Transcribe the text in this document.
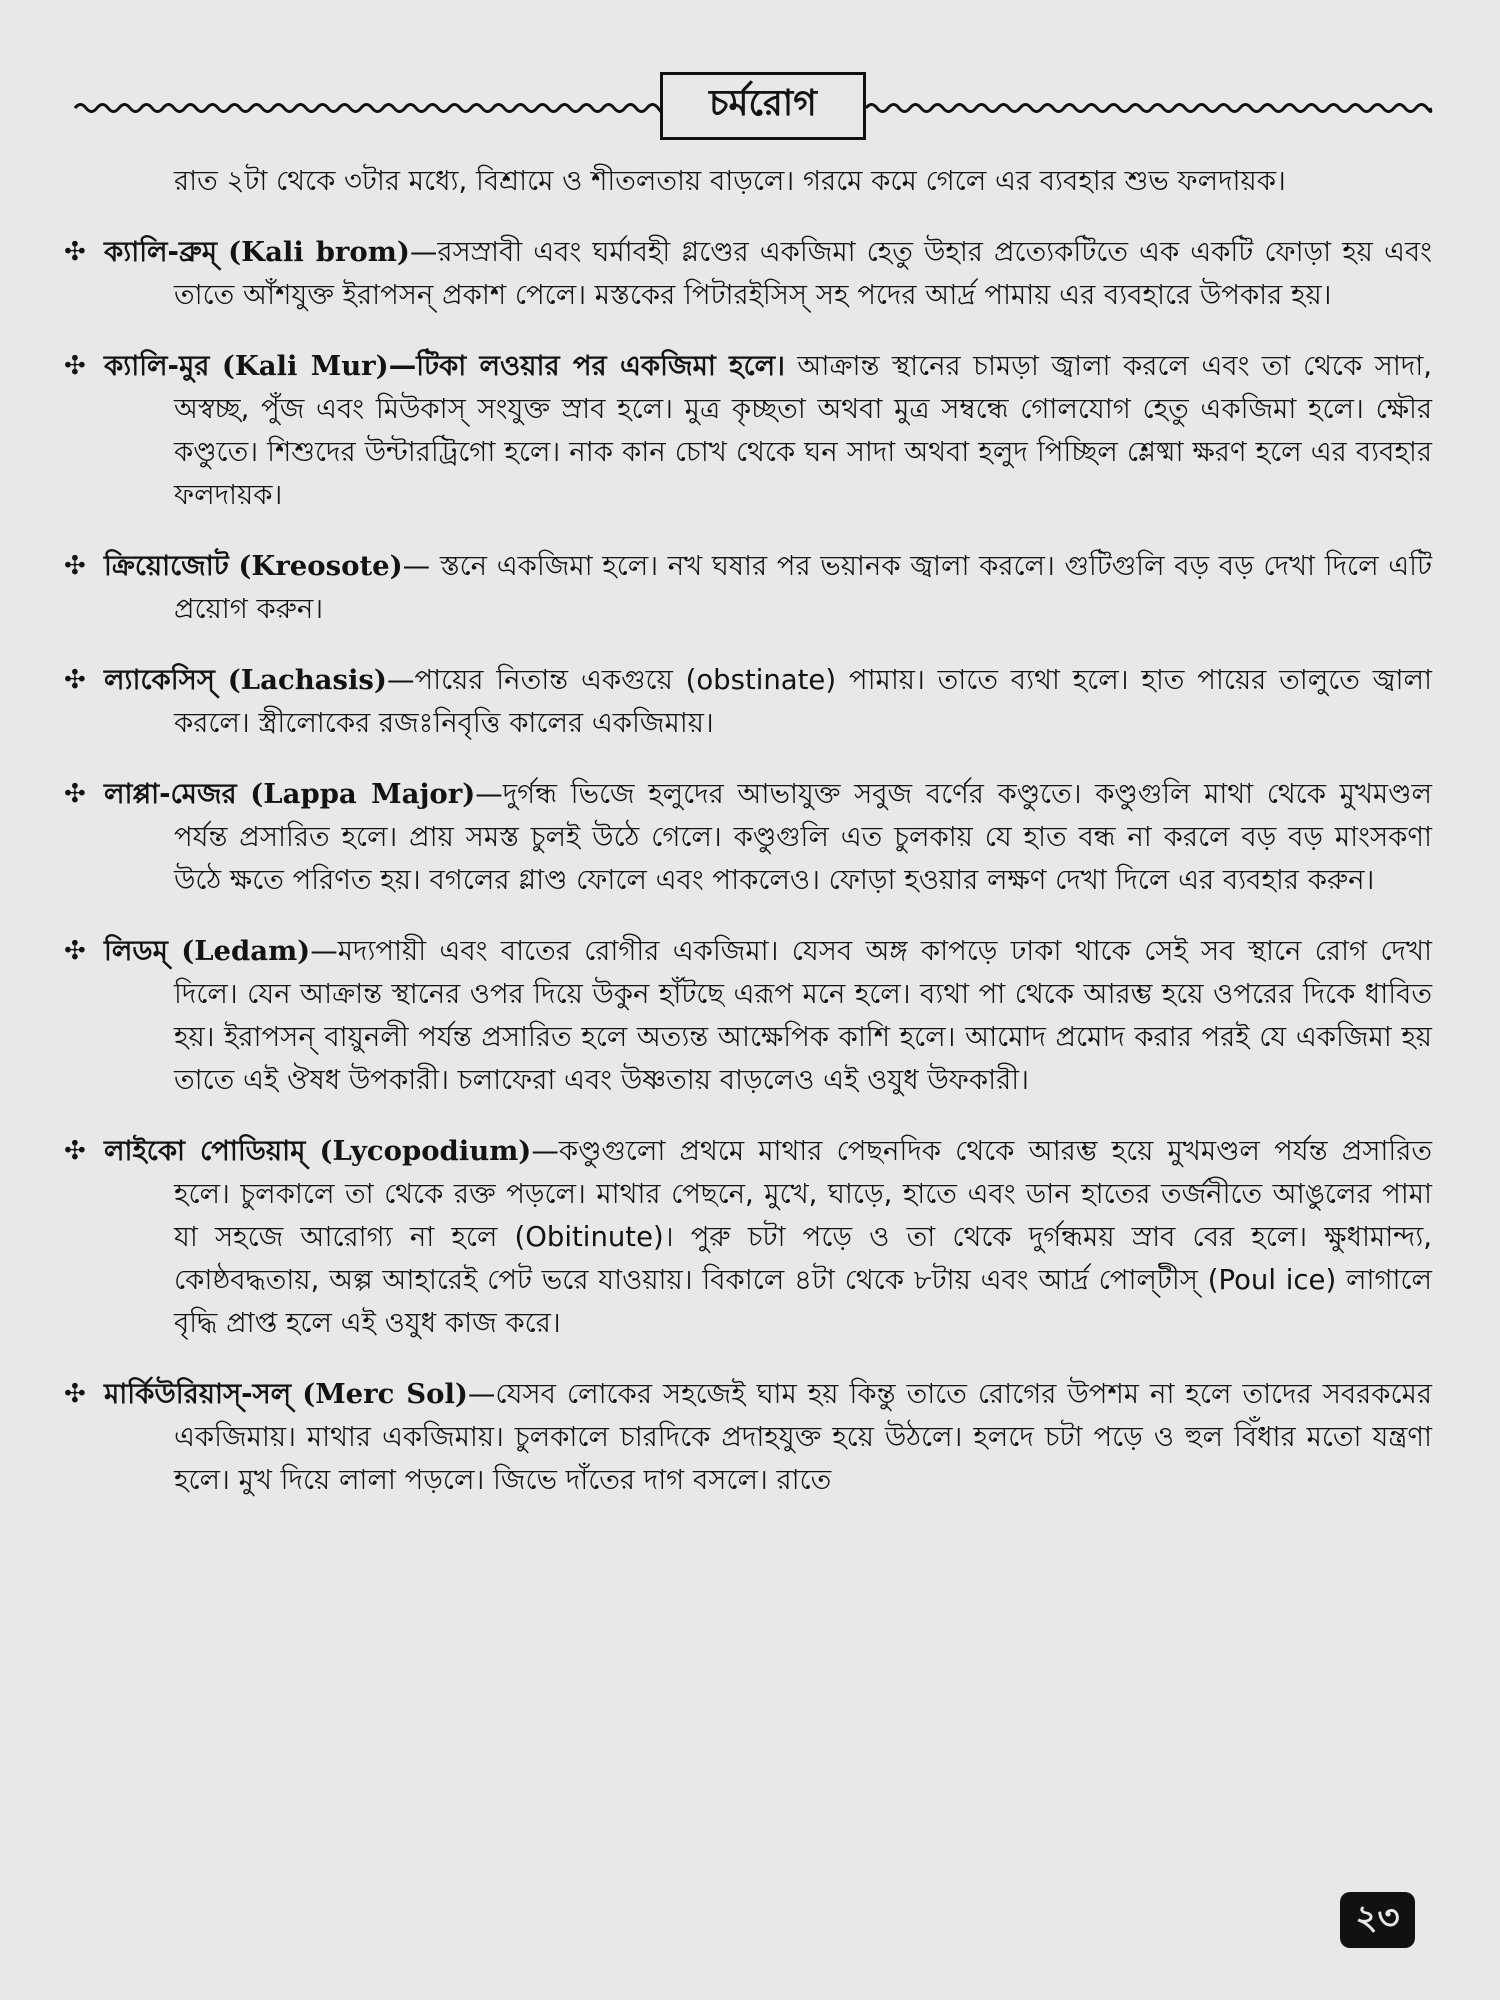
চর্মরোগ
রাত ২টা থেকে ৩টার মধ্যে, বিশ্রামে ও শীতলতায় বাড়লে। গরমে কমে গেলে এর ব্যবহার শুভ ফলদায়ক।
✣ ক্যালি-ব্রুম্ (Kali brom)—রসস্রাবী এবং ঘর্মাবহী গ্লণ্ডের একজিমা হেতু উহার প্রত্যেকটিতে এক একটি ফোড়া হয় এবং তাতে আঁশযুক্ত ইরাপসন্ প্রকাশ পেলে। মস্তকের পিটারইসিস্ সহ পদের আর্দ্র পামায় এর ব্যবহারে উপকার হয়।
✣ ক্যালি-মুর (Kali Mur)—টিকা লওয়ার পর একজিমা হলে। আক্রান্ত স্থানের চামড়া জ্বালা করলে এবং তা থেকে সাদা, অস্বচ্ছ, পুঁজ এবং মিউকাস্ সংযুক্ত স্রাব হলে। মুত্র কৃচ্ছতা অথবা মুত্র সম্বন্ধে গোলযোগ হেতু একজিমা হলে। ক্ষৌর কণ্ডুতে। শিশুদের উন্টারট্রিগো হলে। নাক কান চোখ থেকে ঘন সাদা অথবা হলুদ পিচ্ছিল শ্লেষ্মা ক্ষরণ হলে এর ব্যবহার ফলদায়ক।
✣ ক্রিয়োজোট (Kreosote)— স্তনে একজিমা হলে। নখ ঘষার পর ভয়ানক জ্বালা করলে। গুটিগুলি বড় বড় দেখা দিলে এটি প্রয়োগ করুন।
✣ ল্যাকেসিস্ (Lachasis)—পায়ের নিতান্ত একগুয়ে (obstinate) পামায়। তাতে ব্যথা হলে। হাত পায়ের তালুতে জ্বালা করলে। স্ত্রীলোকের রজঃনিবৃত্তি কালের একজিমায়।
✣ লাপ্পা-মেজর (Lappa Major)—দুর্গন্ধ ভিজে হলুদের আভাযুক্ত সবুজ বর্ণের কণ্ডুতে। কণ্ডুগুলি মাথা থেকে মুখমণ্ডল পর্যন্ত প্রসারিত হলে। প্রায় সমস্ত চুলই উঠে গেলে। কণ্ডুগুলি এত চুলকায় যে হাত বন্ধ না করলে বড় বড় মাংসকণা উঠে ক্ষতে পরিণত হয়। বগলের গ্লাণ্ড ফোলে এবং পাকলেও। ফোড়া হওয়ার লক্ষণ দেখা দিলে এর ব্যবহার করুন।
✣ লিডম্ (Ledam)—মদ্যপায়ী এবং বাতের রোগীর একজিমা। যেসব অঙ্গ কাপড়ে ঢাকা থাকে সেই সব স্থানে রোগ দেখা দিলে। যেন আক্রান্ত স্থানের ওপর দিয়ে উকুন হাঁটছে এরূপ মনে হলে। ব্যথা পা থেকে আরম্ভ হয়ে ওপরের দিকে ধাবিত হয়। ইরাপসন্ বায়ুনলী পর্যন্ত প্রসারিত হলে অত্যন্ত আক্ষেপিক কাশি হলে। আমোদ প্রমোদ করার পরই যে একজিমা হয় তাতে এই ঔষধ উপকারী। চলাফেরা এবং উষ্ণতায় বাড়লেও এই ওযুধ উফকারী।
✣ লাইকো পোডিয়াম্ (Lycopodium)—কণ্ডুগুলো প্রথমে মাথার পেছনদিক থেকে আরম্ভ হয়ে মুখমণ্ডল পর্যন্ত প্রসারিত হলে। চুলকালে তা থেকে রক্ত পড়লে। মাথার পেছনে, মুখে, ঘাড়ে, হাতে এবং ডান হাতের তর্জনীতে আঙুলের পামা যা সহজে আরোগ্য না হলে (Obitinute)। পুরু চটা পড়ে ও তা থেকে দুর্গন্ধময় স্রাব বের হলে। ক্ষুধামান্দ্য, কোষ্ঠবদ্ধতায়, অল্প আহারেই পেট ভরে যাওয়ায়। বিকালে ৪টা থেকে ৮টায় এবং আর্দ্র পোল্‌টীস্ (Poul ice) লাগালে বৃদ্ধি প্রাপ্ত হলে এই ওযুধ কাজ করে।
✣ মার্কিউরিয়াস্-সল্ (Merc Sol)—যেসব লোকের সহজেই ঘাম হয় কিন্তু তাতে রোগের উপশম না হলে তাদের সবরকমের একজিমায়। মাথার একজিমায়। চুলকালে চারদিকে প্রদাহযুক্ত হয়ে উঠলে। হলদে চটা পড়ে ও হুল বিঁধার মতো যন্ত্রণা হলে। মুখ দিয়ে লালা পড়লে। জিভে দাঁতের দাগ বসলে। রাতে
২৩
